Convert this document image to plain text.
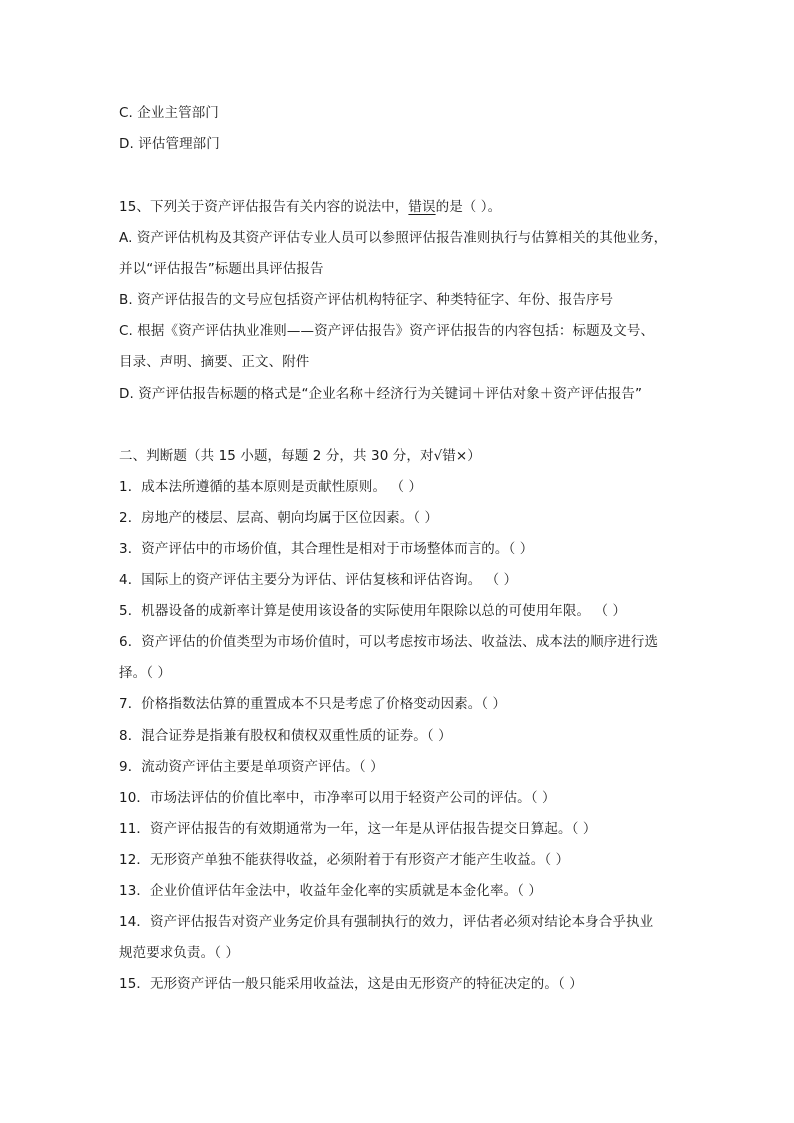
C. 企业主管部门
D. 评估管理部门
15、下列关于资产评估报告有关内容的说法中，错误的是（ ）。
A. 资产评估机构及其资产评估专业人员可以参照评估报告准则执行与估算相关的其他业务，
并以“评估报告”标题出具评估报告
B. 资产评估报告的文号应包括资产评估机构特征字、种类特征字、年份、报告序号
C. 根据《资产评估执业准则——资产评估报告》资产评估报告的内容包括：标题及文号、
目录、声明、摘要、正文、附件
D. 资产评估报告标题的格式是“企业名称＋经济行为关键词＋评估对象＋资产评估报告”
二、判断题（共 15 小题，每题 2 分，共 30 分，对√错×）
1．成本法所遵循的基本原则是贡献性原则。 （ ）
2．房地产的楼层、层高、朝向均属于区位因素。（ ）
3．资产评估中的市场价值，其合理性是相对于市场整体而言的。（ ）
4．国际上的资产评估主要分为评估、评估复核和评估咨询。 （ ）
5．机器设备的成新率计算是使用该设备的实际使用年限除以总的可使用年限。 （ ）
6．资产评估的价值类型为市场价值时，可以考虑按市场法、收益法、成本法的顺序进行选
择。（ ）
7．价格指数法估算的重置成本不只是考虑了价格变动因素。（ ）
8．混合证券是指兼有股权和债权双重性质的证券。（ ）
9．流动资产评估主要是单项资产评估。（ ）
10．市场法评估的价值比率中，市净率可以用于轻资产公司的评估。（ ）
11．资产评估报告的有效期通常为一年，这一年是从评估报告提交日算起。（ ）
12．无形资产单独不能获得收益，必须附着于有形资产才能产生收益。（ ）
13．企业价值评估年金法中，收益年金化率的实质就是本金化率。（ ）
14．资产评估报告对资产业务定价具有强制执行的效力，评估者必须对结论本身合乎执业
规范要求负责。（ ）
15．无形资产评估一般只能采用收益法，这是由无形资产的特征决定的。（ ）
